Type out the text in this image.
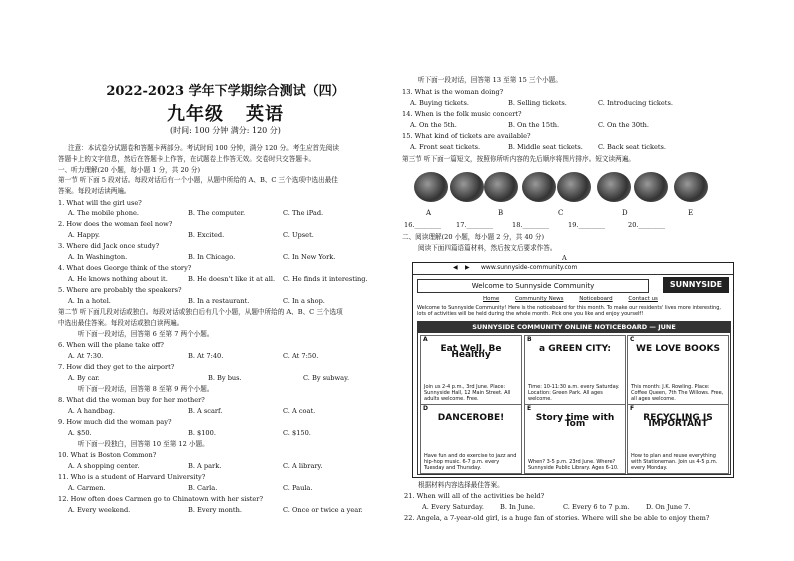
2022-2023 学年下学期综合测试（四）
九年级 英语
(时间: 100 分钟 满分: 120 分)
注意：本试卷分试题卷和答题卡两部分。考试时间 100 分钟，满分 120 分。考生应首先阅读
答题卡上的文字信息，然后在答题卡上作答，在试题卷上作答无效。交卷时只交答题卡。
一、听力理解(20 小题，每小题 1 分，共 20 分)
第一节 听下面 5 段对话。每段对话后有一个小题，从题中所给的 A、B、C 三个选项中选出最佳
答案。每段对话读两遍。
1. What will the girl use?
A. The mobile phone.	B. The computer.	C. The iPad.
2. How does the woman feel now?
A. Happy.	B. Excited.	C. Upset.
3. Where did Jack once study?
A. In Washington.	B. In Chicago.	C. In New York.
4. What does George think of the story?
A. He knows nothing about it.	B. He doesn't like it at all. C. He finds it interesting.
5. Where are probably the speakers?
A. In a hotel.	B. In a restaurant.	C. In a shop.
第二节 听下面几段对话或独白。每段对话或独白后有几个小题，从题中所给的 A、B、C 三个选项
中选出最佳答案。每段对话或独白读两遍。
听下面一段对话，回答第 6 至第 7 两个小题。
6. When will the plane take off?
A. At 7:30.	B. At 7:40.	C. At 7:50.
7. How did they get to the airport?
A. By car.	B. By bus.	C. By subway.
听下面一段对话，回答第 8 至第 9 两个小题。
8. What did the woman buy for her mother?
A. A handbag.	B. A scarf.	C. A coat.
9. How much did the woman pay?
A. $50.	B. $100.	C. $150.
听下面一段独白，回答第 10 至第 12 小题。
10. What is Boston Common?
A. A shopping center.	B. A park.	C. A library.
11. Who is a student of Harvard University?
A. Carmen.	B. Carla.	C. Paula.
12. How often does Carmen go to Chinatown with her sister?
A. Every weekend.	B. Every month.	C. Once or twice a year.
听下面一段对话，回答第 13 至第 15 三个小题。
13. What is the woman doing?
A. Buying tickets.	B. Selling tickets.	C. Introducing tickets.
14. When is the folk music concert?
A. On the 5th.	B. On the 15th.	C. On the 30th.
15. What kind of tickets are available?
A. Front seat tickets.	B. Middle seat tickets. C. Back seat tickets.
第三节 听下面一篇短文，按照你所听内容的先后顺序将图片排序。短文读两遍。
A	B	C	D	E
16.________ 17.________	18.________	19.________	20.________
二、阅读理解(20 小题，每小题 2 分，共 40 分)
阅读下面四篇语篇材料，然后按文后要求作答。
A
◀ ▶ www.sunnyside-community.com
Welcome to Sunnyside Community	SUNNYSIDE
Home	Community News	Noticeboard	Contact us
Welcome to Sunnyside Community! Here is the noticeboard for this month. To make our residents' lives more interesting, lots of activities will be held during the whole month. Pick one you like and enjoy yourself!
SUNNYSIDE COMMUNITY ONLINE NOTICEBOARD — JUNE
A
Eat Well, Be Healthy
Join us 2-4 p.m., 3rd June. Place: Sunnyside Hall, 12 Main Street. All adults welcome. Free.
B
a GREEN CITY:
Time: 10-11:30 a.m. every Saturday. Location: Green Park. All ages welcome.
C
WE LOVE BOOKS
This month: J.K. Rowling. Place: Coffee Queen, 7th The Willows. Free, all ages welcome.
D
DANCEROBE!
Have fun and do exercise to jazz and hip-hop music. 6-7 p.m. every Tuesday and Thursday.
E
Story time with Tom
When? 3-5 p.m. 23rd June. Where? Sunnyside Public Library. Ages 6-10.
F
RECYCLING IS IMPORTANT
How to plan and reuse everything with Stationeman. Join us 4-5 p.m. every Monday.
根据材料内容选择最佳答案。
21. When will all of the activities be held?
A. Every Saturday. B. In June.	C. Every 6 to 7 p.m.	D. On June 7.
22. Angela, a 7-year-old girl, is a huge fan of stories. Where will she be able to enjoy them?
